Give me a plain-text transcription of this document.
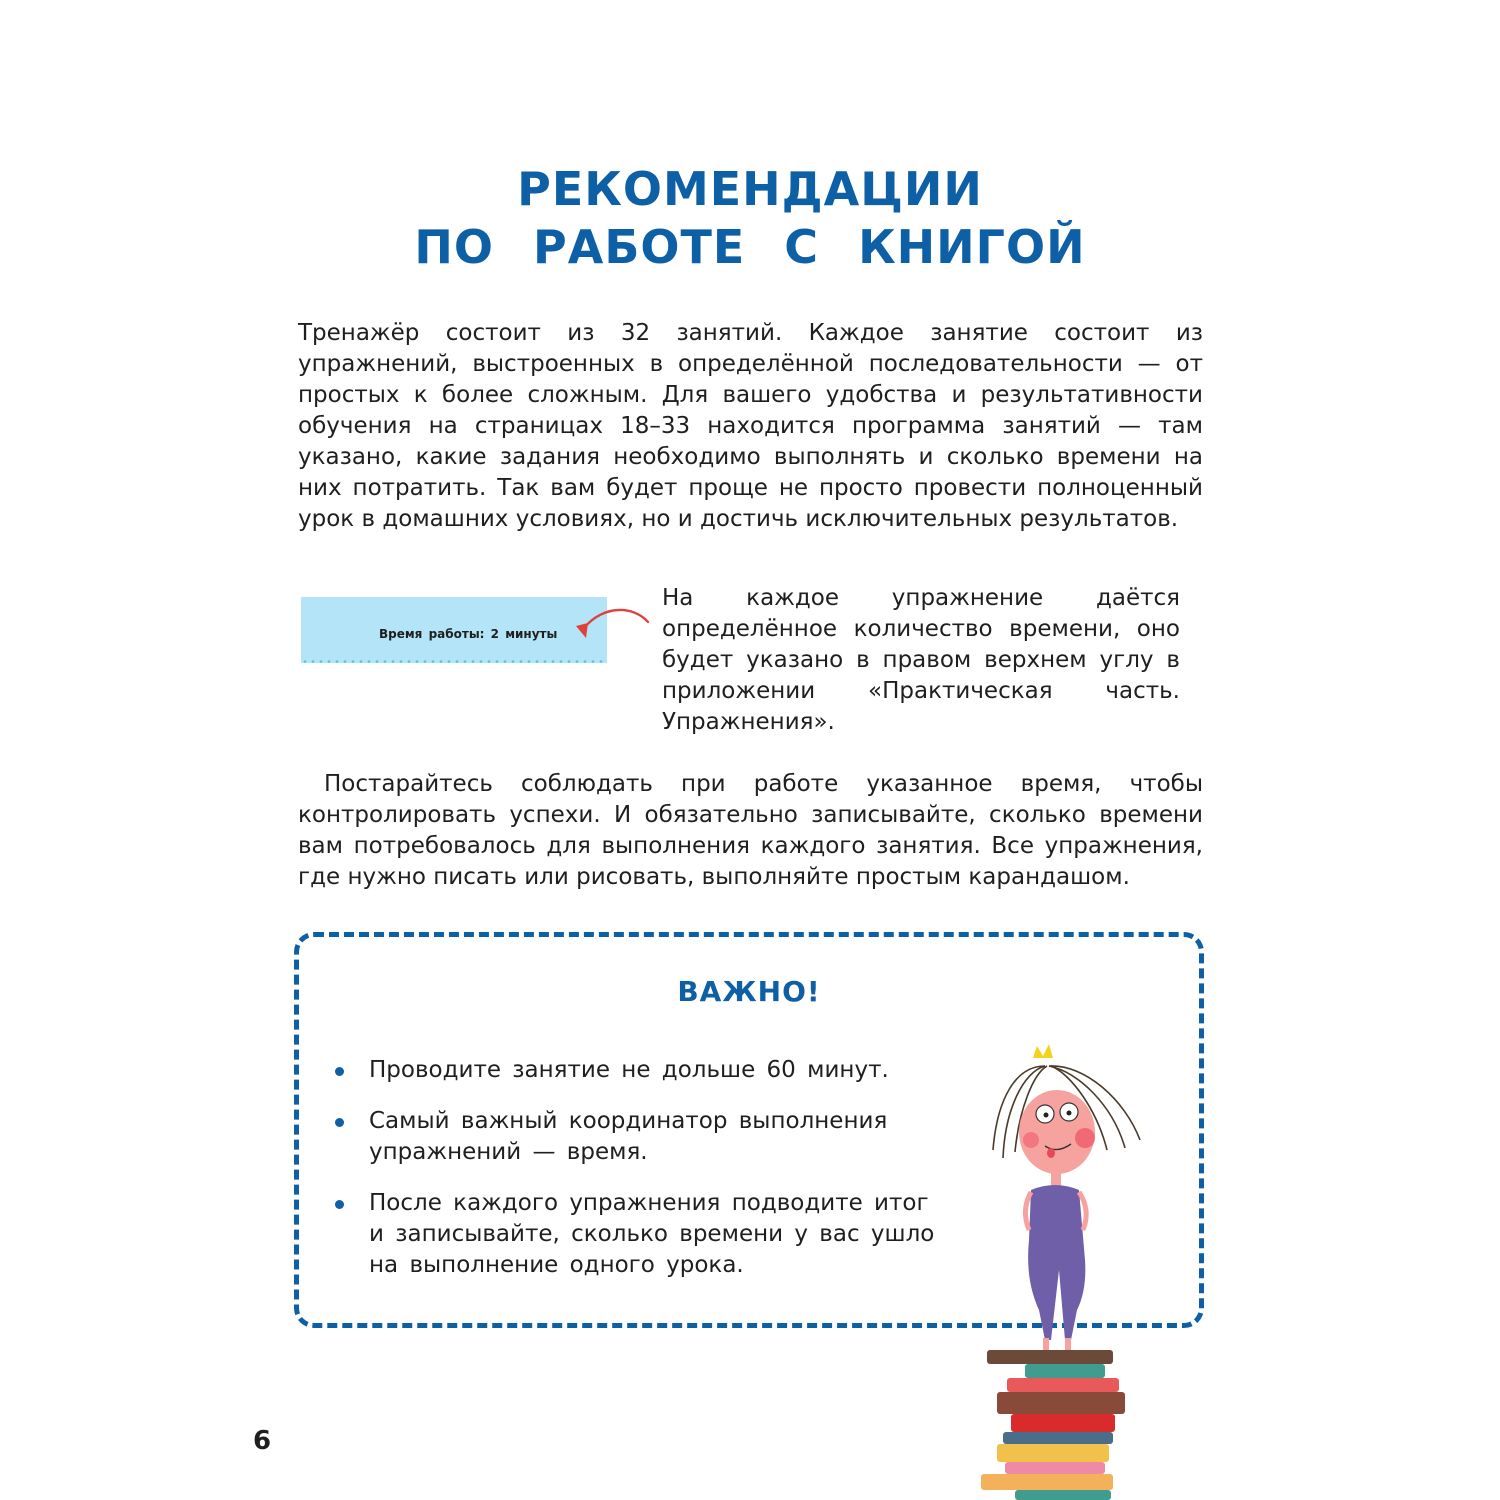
РЕКОМЕНДАЦИИ
ПО РАБОТЕ С КНИГОЙ

Тренажёр состоит из 32 занятий. Каждое занятие состоит из упражнений, выстроенных в определённой последовательности — от простых к более сложным. Для вашего удобства и результативности обучения на страницах 18–33 находится программа занятий — там указано, какие задания необходимо выполнять и сколько времени на них потратить. Так вам будет проще не просто провести полноценный урок в домашних условиях, но и достичь исключительных результатов.

Время работы: 2 минуты

На каждое упражнение даётся определённое количество времени, оно будет указано в правом верхнем углу в приложении «Практическая часть. Упражнения».

Постарайтесь соблюдать при работе указанное время, чтобы контролировать успехи. И обязательно записывайте, сколько времени вам потребовалось для выполнения каждого занятия. Все упражнения, где нужно писать или рисовать, выполняйте простым карандашом.

ВАЖНО!
Проводите занятие не дольше 60 минут.
Самый важный координатор выполнения упражнений — время.
После каждого упражнения подводите итог и записывайте, сколько времени у вас ушло на выполнение одного урока.
6
